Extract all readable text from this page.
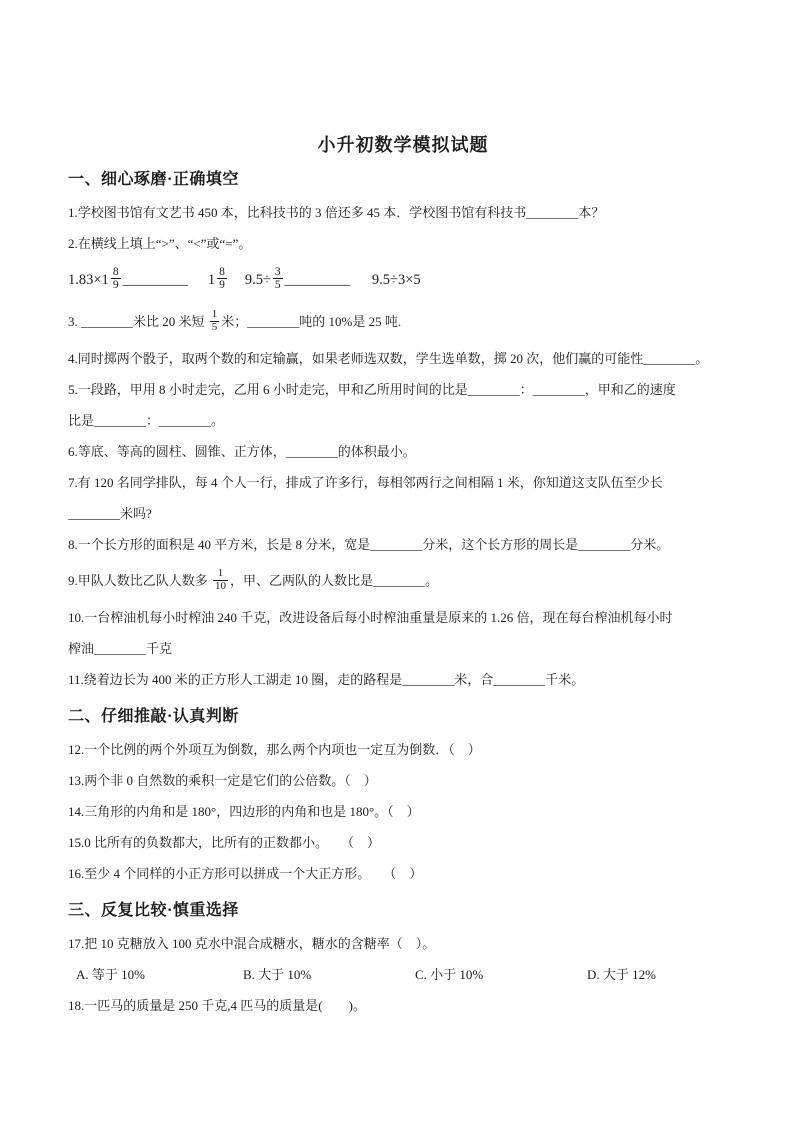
小升初数学模拟试题
一、细心琢磨·正确填空

1.学校图书馆有文艺书 450 本，比科技书的 3 倍还多 45 本．学校图书馆有科技书________本？

2.在横线上填上“>”、“<”或“=”。

$1.83\times 1 \frac{8}{9}$ _________ $1 \frac{8}{9} 9.5\div \frac{3}{5}$ _________ 9.5÷3×5

3. ________米比 20 米短 $\frac{1}{5}$ 米；________吨的 10%是 25 吨.

4.同时掷两个骰子，取两个数的和定输赢，如果老师选双数，学生选单数，掷 20 次，他们赢的可能性________。

5.一段路，甲用 8 小时走完，乙用 6 小时走完，甲和乙所用时间的比是________：________，甲和乙的速度

比是________：________。

6.等底、等高的圆柱、圆锥、正方体，________的体积最小。

7.有 120 名同学排队，每 4 个人一行，排成了许多行，每相邻两行之间相隔 1 米，你知道这支队伍至少长

________米吗?

8.一个长方形的面积是 40 平方米，长是 8 分米，宽是________分米，这个长方形的周长是________分米。

9.甲队人数比乙队人数多 $\frac{1}{10}$ ，甲、乙两队的人数比是________。

10.一台榨油机每小时榨油 240 千克，改进设备后每小时榨油重量是原来的 1.26 倍，现在每台榨油机每小时

榨油________千克

11.绕着边长为 400 米的正方形人工湖走 10 圈，走的路程是________米，合________千米。

二、仔细推敲·认真判断

12.一个比例的两个外项互为倒数，那么两个内项也一定互为倒数．（　）

13.两个非 0 自然数的乘积一定是它们的公倍数。（　）

14.三角形的内角和是 180°，四边形的内角和也是 180°。（　）

15.0 比所有的负数都大，比所有的正数都小。　　（　）

16.至少 4 个同样的小正方形可以拼成一个大正方形。　　（　）

三、反复比较·慎重选择

17.把 10 克糖放入 100 克水中混合成糖水，糖水的含糖率（　）。

A. 等于 10%	B. 大于 10%	C. 小于 10%	D. 大于 12%

18.一匹马的质量是 250 千克,4 匹马的质量是(　　)。
